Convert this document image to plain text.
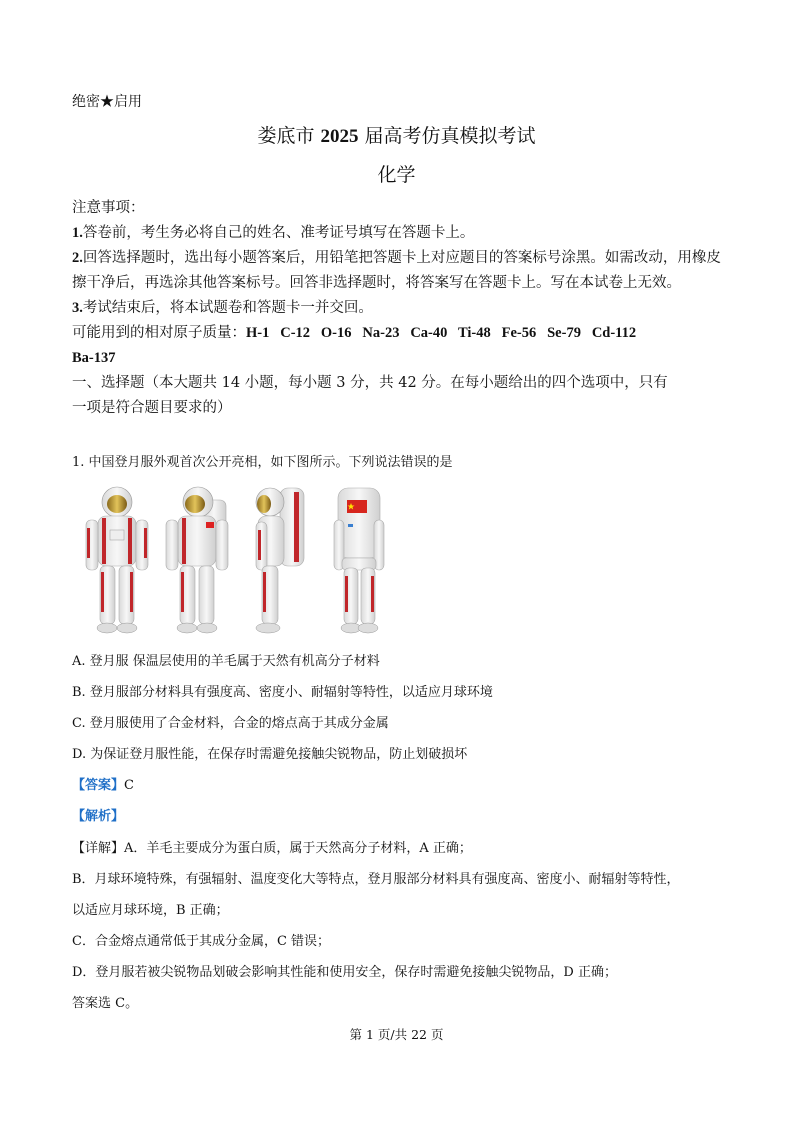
绝密★启用
娄底市 2025 届高考仿真模拟考试
化学

注意事项：

1.答卷前，考生务必将自己的姓名、准考证号填写在答题卡上。

2.回答选择题时，选出每小题答案后，用铅笔把答题卡上对应题目的答案标号涂黑。如需改动，用橡皮擦干净后，再选涂其他答案标号。回答非选择题时，将答案写在答题卡上。写在本试卷上无效。

3.考试结束后，将本试题卷和答题卡一并交回。

可能用到的相对原子质量：H-1   C-12   O-16   Na-23   Ca-40   Ti-48   Fe-56   Se-79   Cd-112

Ba-137

一、选择题（本大题共 14 小题，每小题 3 分，共 42 分。在每小题给出的四个选项中，只有

一项是符合题目要求的）

1. 中国登月服外观首次公开亮相，如下图所示。下列说法错误的是
A. 登月服 保温层使用的羊毛属于天然有机高分子材料
B. 登月服部分材料具有强度高、密度小、耐辐射等特性，以适应月球环境
C. 登月服使用了合金材料，合金的熔点高于其成分金属
D. 为保证登月服性能，在保存时需避免接触尖锐物品，防止划破损坏
【答案】C
【解析】
【详解】A．羊毛主要成分为蛋白质，属于天然高分子材料，A 正确；
B．月球环境特殊，有强辐射、温度变化大等特点，登月服部分材料具有强度高、密度小、耐辐射等特性，
以适应月球环境，B 正确；
C．合金熔点通常低于其成分金属，C 错误；
D．登月服若被尖锐物品划破会影响其性能和使用安全，保存时需避免接触尖锐物品，D 正确；
答案选 C。
第 1 页/共 22 页
